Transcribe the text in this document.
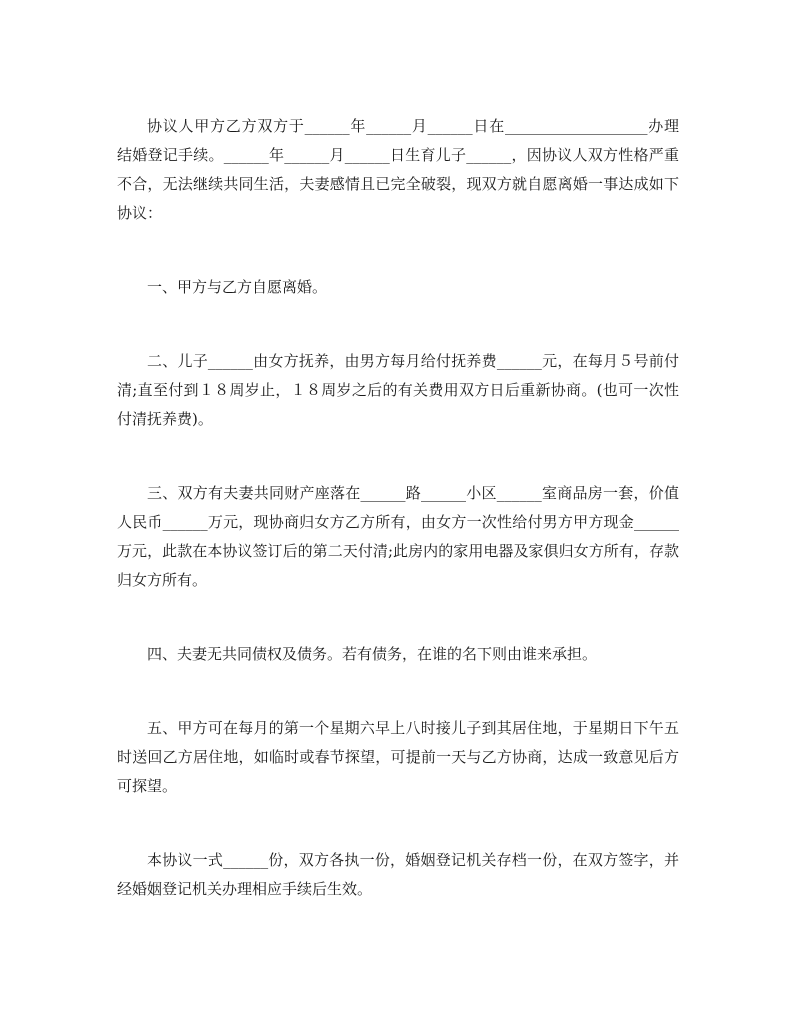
协议人甲方乙方双方于______年______月______日在___________________办理结婚登记手续。______年______月______日生育儿子______，因协议人双方性格严重不合，无法继续共同生活，夫妻感情且已完全破裂，现双方就自愿离婚一事达成如下协议：

一、甲方与乙方自愿离婚。

二、儿子______由女方抚养，由男方每月给付抚养费______元，在每月５号前付清;直至付到１８周岁止，１８周岁之后的有关费用双方日后重新协商。(也可一次性付清抚养费)。

三、双方有夫妻共同财产座落在______路______小区______室商品房一套，价值人民币______万元，现协商归女方乙方所有，由女方一次性给付男方甲方现金______万元，此款在本协议签订后的第二天付清;此房内的家用电器及家俱归女方所有，存款归女方所有。

四、夫妻无共同债权及债务。若有债务，在谁的名下则由谁来承担。

五、甲方可在每月的第一个星期六早上八时接儿子到其居住地，于星期日下午五时送回乙方居住地，如临时或春节探望，可提前一天与乙方协商，达成一致意见后方可探望。

本协议一式______份，双方各执一份，婚姻登记机关存档一份，在双方签字，并经婚姻登记机关办理相应手续后生效。
